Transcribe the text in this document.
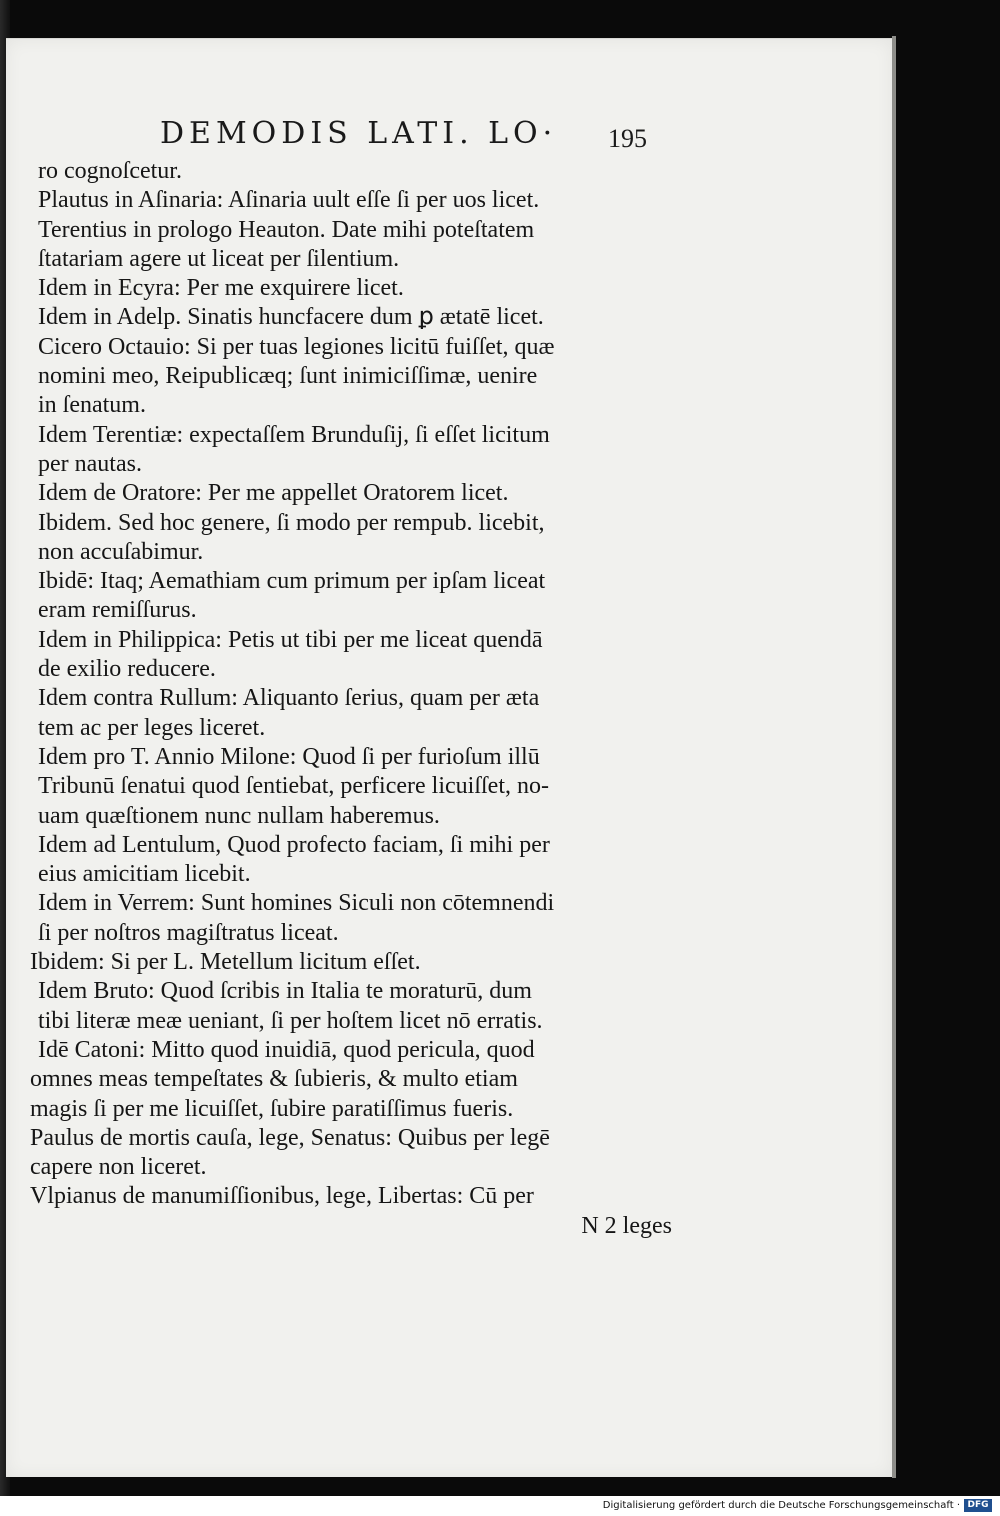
DEMODIS LATI. LO· 195
ro cognoſcetur.
Plautus in Aſinaria: Aſinaria uult eſſe ſi per uos licet.
Terentius in prologo Heauton. Date mihi poteſtatem
ſtatariam agere ut liceat per ſilentium.
Idem in Ecyra: Per me exquirere licet.
Idem in Adelp. Sinatis huncfacere dum ꝑ ætatē licet.
Cicero Octauio: Si per tuas legiones licitū fuiſſet, quæ
nomini meo, Reipublicæq; ſunt inimiciſſimæ, uenire
in ſenatum.
Idem Terentiæ: expectaſſem Brunduſij, ſi eſſet licitum
per nautas.
Idem de Oratore: Per me appellet Oratorem licet.
Ibidem. Sed hoc genere, ſi modo per rempub. licebit,
non accuſabimur.
Ibidē: Itaq; Aemathiam cum primum per ipſam liceat
eram remiſſurus.
Idem in Philippica: Petis ut tibi per me liceat quendā
de exilio reducere.
Idem contra Rullum: Aliquanto ſerius, quam per æta
tem ac per leges liceret.
Idem pro T. Annio Milone: Quod ſi per furioſum illū
Tribunū ſenatui quod ſentiebat, perficere licuiſſet, no-
uam quæſtionem nunc nullam haberemus.
Idem ad Lentulum, Quod profecto faciam, ſi mihi per
eius amicitiam licebit.
Idem in Verrem: Sunt homines Siculi non cōtemnendi
ſi per noſtros magiſtratus liceat.
Ibidem: Si per L. Metellum licitum eſſet.
Idem Bruto: Quod ſcribis in Italia te moraturū, dum
tibi literæ meæ ueniant, ſi per hoſtem licet nō erratis.
Idē Catoni: Mitto quod inuidiā, quod pericula, quod
omnes meas tempeſtates & ſubieris, & multo etiam
magis ſi per me licuiſſet, ſubire paratiſſimus fueris.
Paulus de mortis cauſa, lege, Senatus: Quibus per legē
capere non liceret.
Vlpianus de manumiſſionibus, lege, Libertas: Cū per
N 2 leges
Digitalisierung gefördert durch die Deutsche Forschungsgemeinschaft · DFG
